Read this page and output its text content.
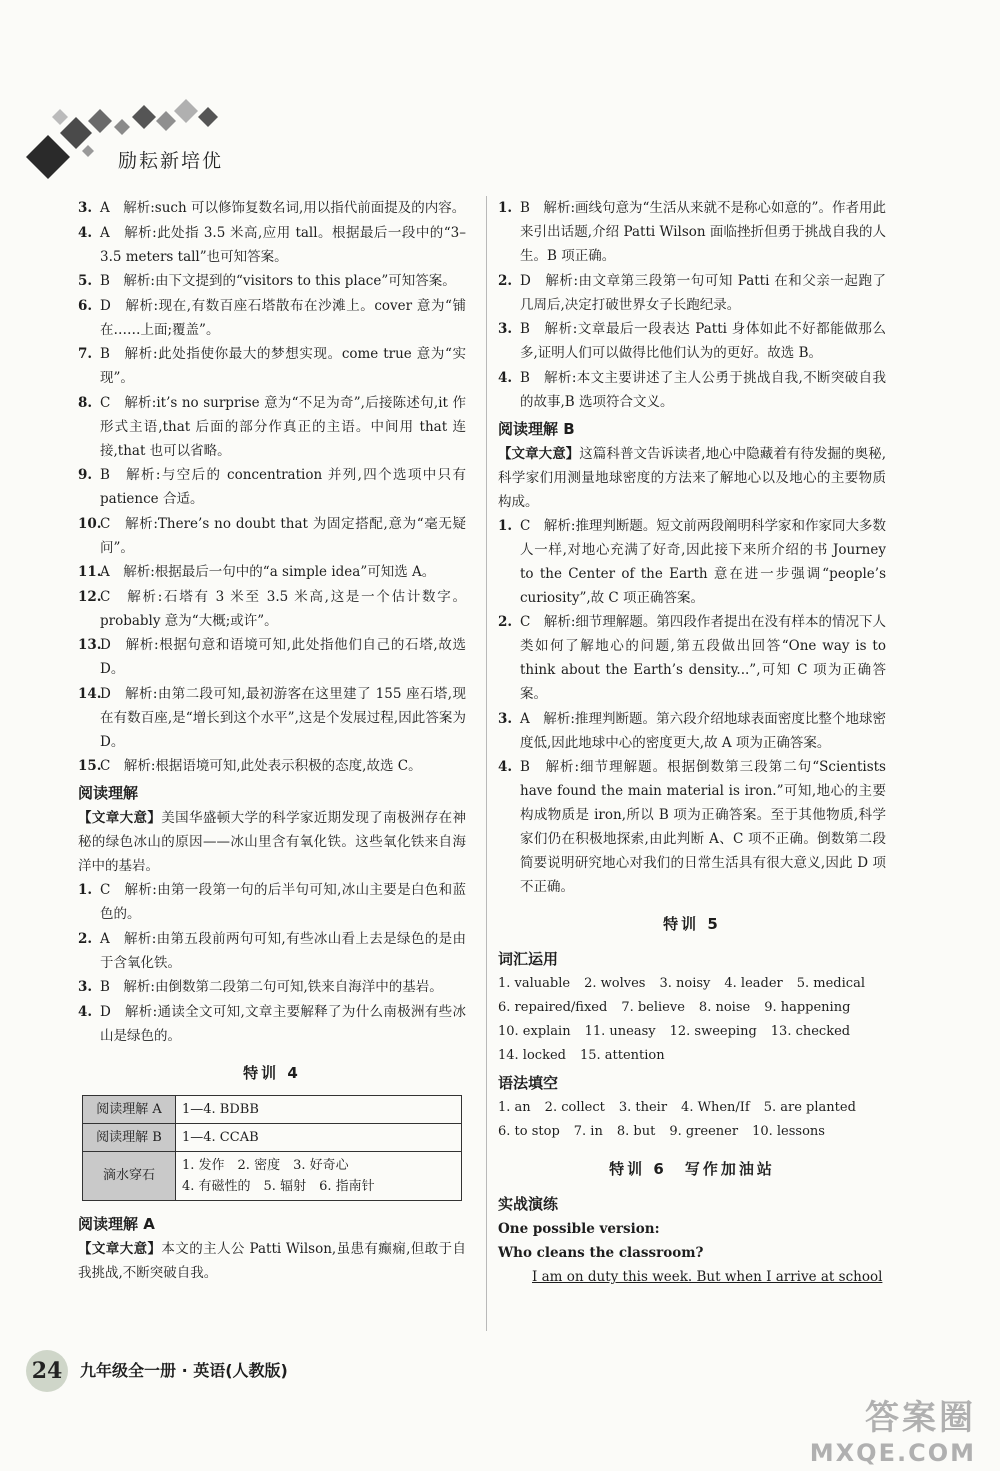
励耘新培优
3. A　解析:such 可以修饰复数名词,用以指代前面提及的内容。
4. A　解析:此处指 3.5 米高,应用 tall。根据最后一段中的“3–3.5 meters tall”也可知答案。
5. B　解析:由下文提到的“visitors to this place”可知答案。
6. D　解析:现在,有数百座石塔散布在沙滩上。cover 意为“铺在……上面;覆盖”。
7. B　解析:此处指使你最大的梦想实现。come true 意为“实现”。
8. C　解析:it’s no surprise 意为“不足为奇”,后接陈述句,it 作形式主语,that 后面的部分作真正的主语。中间用 that 连接,that 也可以省略。
9. B　解析:与空后的 concentration 并列,四个选项中只有 patience 合适。
10.
C　解析:There’s no doubt that 为固定搭配,意为“毫无疑问”。
11.
A　解析:根据最后一句中的“a simple idea”可知选 A。
12.
C　解析:石塔有 3 米至 3.5 米高,这是一个估计数字。probably 意为“大概;或许”。
13.
D　解析:根据句意和语境可知,此处指他们自己的石塔,故选 D。
14.
D　解析:由第二段可知,最初游客在这里建了 155 座石塔,现在有数百座,是“增长到这个水平”,这是个发展过程,因此答案为 D。
15.
C　解析:根据语境可知,此处表示积极的态度,故选 C。
阅读理解
【文章大意】美国华盛顿大学的科学家近期发现了南极洲存在神秘的绿色冰山的原因——冰山里含有氧化铁。这些氧化铁来自海洋中的基岩。
1. C　解析:由第一段第一句的后半句可知,冰山主要是白色和蓝色的。
2. A　解析:由第五段前两句可知,有些冰山看上去是绿色的是由于含氧化铁。
3. B　解析:由倒数第二段第二句可知,铁来自海洋中的基岩。
4. D　解析:通读全文可知,文章主要解释了为什么南极洲有些冰山是绿色的。
特训 4
阅读理解 A	1—4. BDBB
阅读理解 B	1—4. CCAB
滴水穿石	1. 发作　2. 密度　3. 好奇心
4. 有磁性的　5. 辐射　6. 指南针
阅读理解 A
【文章大意】本文的主人公 Patti Wilson,虽患有癫痫,但敢于自我挑战,不断突破自我。
1. B　解析:画线句意为“生活从来就不是称心如意的”。作者用此来引出话题,介绍 Patti Wilson 面临挫折但勇于挑战自我的人生。B 项正确。
2. D　解析:由文章第三段第一句可知 Patti 在和父亲一起跑了几周后,决定打破世界女子长跑纪录。
3. B　解析:文章最后一段表达 Patti 身体如此不好都能做那么多,证明人们可以做得比他们认为的更好。故选 B。
4. B　解析:本文主要讲述了主人公勇于挑战自我,不断突破自我的故事,B 选项符合文义。
阅读理解 B
【文章大意】这篇科普文告诉读者,地心中隐藏着有待发掘的奥秘,科学家们用测量地球密度的方法来了解地心以及地心的主要物质构成。
1. C　解析:推理判断题。短文前两段阐明科学家和作家同大多数人一样,对地心充满了好奇,因此接下来所介绍的书 Journey to the Center of the Earth 意在进一步强调“people’s curiosity”,故 C 项正确答案。
2. C　解析:细节理解题。第四段作者提出在没有样本的情况下人类如何了解地心的问题,第五段做出回答“One way is to think about the Earth’s density...”,可知 C 项为正确答案。
3. A　解析:推理判断题。第六段介绍地球表面密度比整个地球密度低,因此地球中心的密度更大,故 A 项为正确答案。
4. B　解析:细节理解题。根据倒数第三段第二句“Scientists have found the main material is iron.”可知,地心的主要构成物质是 iron,所以 B 项为正确答案。至于其他物质,科学家们仍在积极地探索,由此判断 A、C 项不正确。倒数第二段简要说明研究地心对我们的日常生活具有很大意义,因此 D 项不正确。
特训 5
词汇运用
1. valuable 2. wolves 3. noisy 4. leader 5. medical
6. repaired/fixed 7. believe 8. noise 9. happening
10. explain 11. uneasy 12. sweeping 13. checked
14. locked 15. attention
语法填空
1. an 2. collect 3. their 4. When/If 5. are planted
6. to stop 7. in 8. but 9. greener 10. lessons
特训 6　写作加油站
实战演练
One possible version:
Who cleans the classroom?
I am on duty this week. But when I arrive at school
24	九年级全一册 · 英语(人教版)
答案圈
MXQE.COM
